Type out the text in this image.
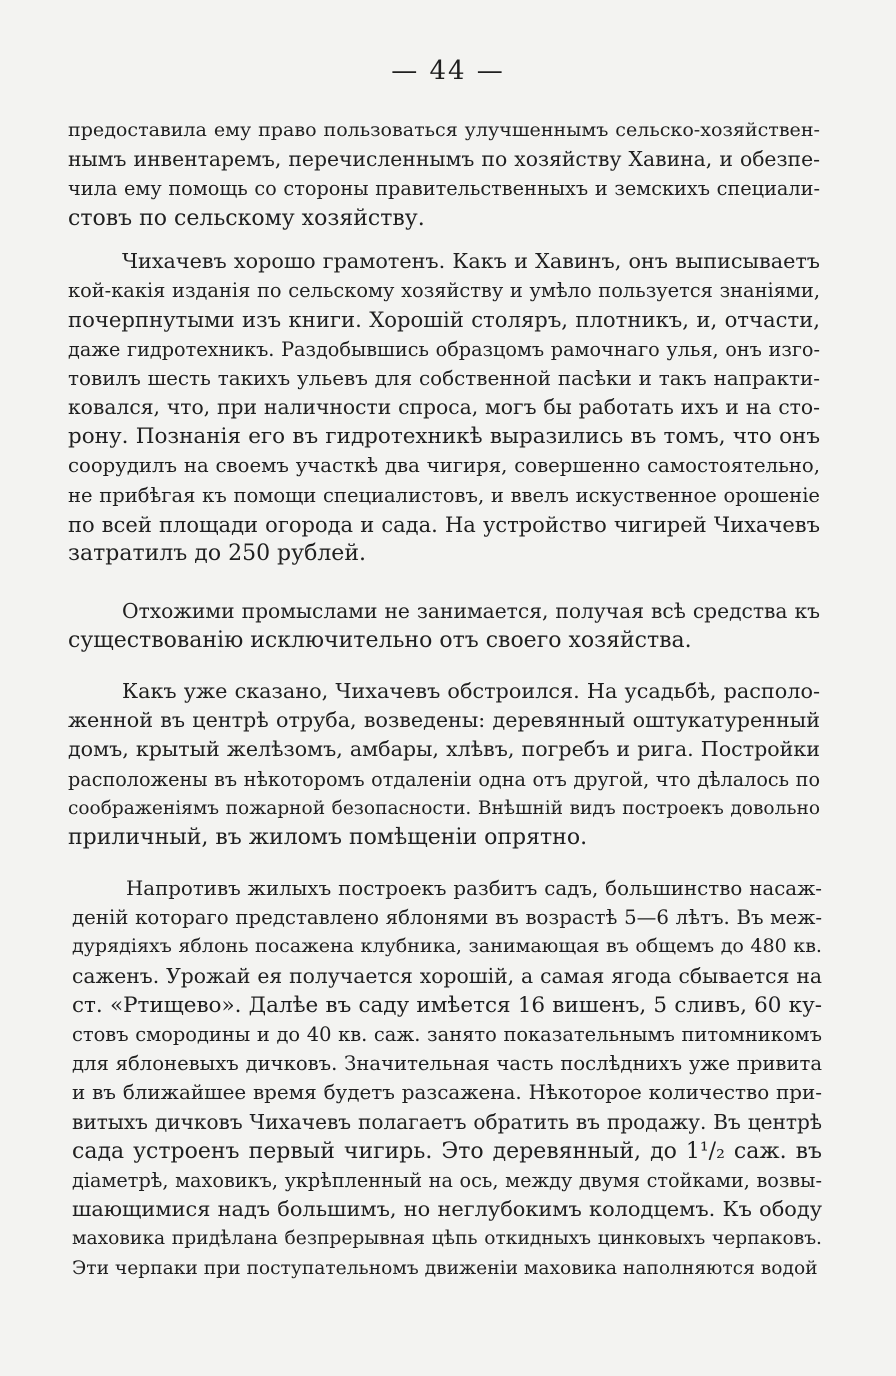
— 44 —
предоставила ему право пользоваться улучшеннымъ сельско-хозяйствен-
нымъ инвентаремъ, перечисленнымъ по хозяйству Хавина, и обезпе-
чила ему помощь со стороны правительственныхъ и земскихъ специали-
стовъ по сельскому хозяйству.
Чихачевъ хорошо грамотенъ. Какъ и Хавинъ, онъ выписываетъ
кой-какія изданія по сельскому хозяйству и умѣло пользуется знаніями,
почерпнутыми изъ книги. Хорошій столяръ, плотникъ, и, отчасти,
даже гидротехникъ. Раздобывшись образцомъ рамочнаго улья, онъ изго-
товилъ шесть такихъ ульевъ для собственной пасѣки и такъ напракти-
ковался, что, при наличности спроса, могъ бы работать ихъ и на сто-
рону. Познанія его въ гидротехникѣ выразились въ томъ, что онъ
соорудилъ на своемъ участкѣ два чигиря, совершенно самостоятельно,
не прибѣгая къ помощи специалистовъ, и ввелъ искуственное орошеніе
по всей площади огорода и сада. На устройство чигирей Чихачевъ
затратилъ до 250 рублей.
Отхожими промыслами не занимается, получая всѣ средства къ
существованію исключительно отъ своего хозяйства.
Какъ уже сказано, Чихачевъ обстроился. На усадьбѣ, располо-
женной въ центрѣ отруба, возведены: деревянный оштукатуренный
домъ, крытый желѣзомъ, амбары, хлѣвъ, погребъ и рига. Постройки
расположены въ нѣкоторомъ отдаленіи одна отъ другой, что дѣлалось по
соображеніямъ пожарной безопасности. Внѣшній видъ построекъ довольно
приличный, въ жиломъ помѣщеніи опрятно.
Напротивъ жилыхъ построекъ разбитъ садъ, большинство насаж-
деній котораго представлено яблонями въ возрастѣ 5—6 лѣтъ. Въ меж-
дурядіяхъ яблонь посажена клубника, занимающая въ общемъ до 480 кв.
саженъ. Урожай ея получается хорошій, а самая ягода сбывается на
ст. «Ртищево». Далѣе въ саду имѣется 16 вишенъ, 5 сливъ, 60 ку-
стовъ смородины и до 40 кв. саж. занято показательнымъ питомникомъ
для яблоневыхъ дичковъ. Значительная часть послѣднихъ уже привита
и въ ближайшее время будетъ разсажена. Нѣкоторое количество при-
витыхъ дичковъ Чихачевъ полагаетъ обратить въ продажу. Въ центрѣ
сада устроенъ первый чигирь. Это деревянный, до 1¹/₂ саж. въ
діаметрѣ, маховикъ, укрѣпленный на ось, между двумя стойками, возвы-
шающимися надъ большимъ, но неглубокимъ колодцемъ. Къ ободу
маховика придѣлана безпрерывная цѣпь откидныхъ цинковыхъ черпаковъ.
Эти черпаки при поступательномъ движеніи маховика наполняются водой
